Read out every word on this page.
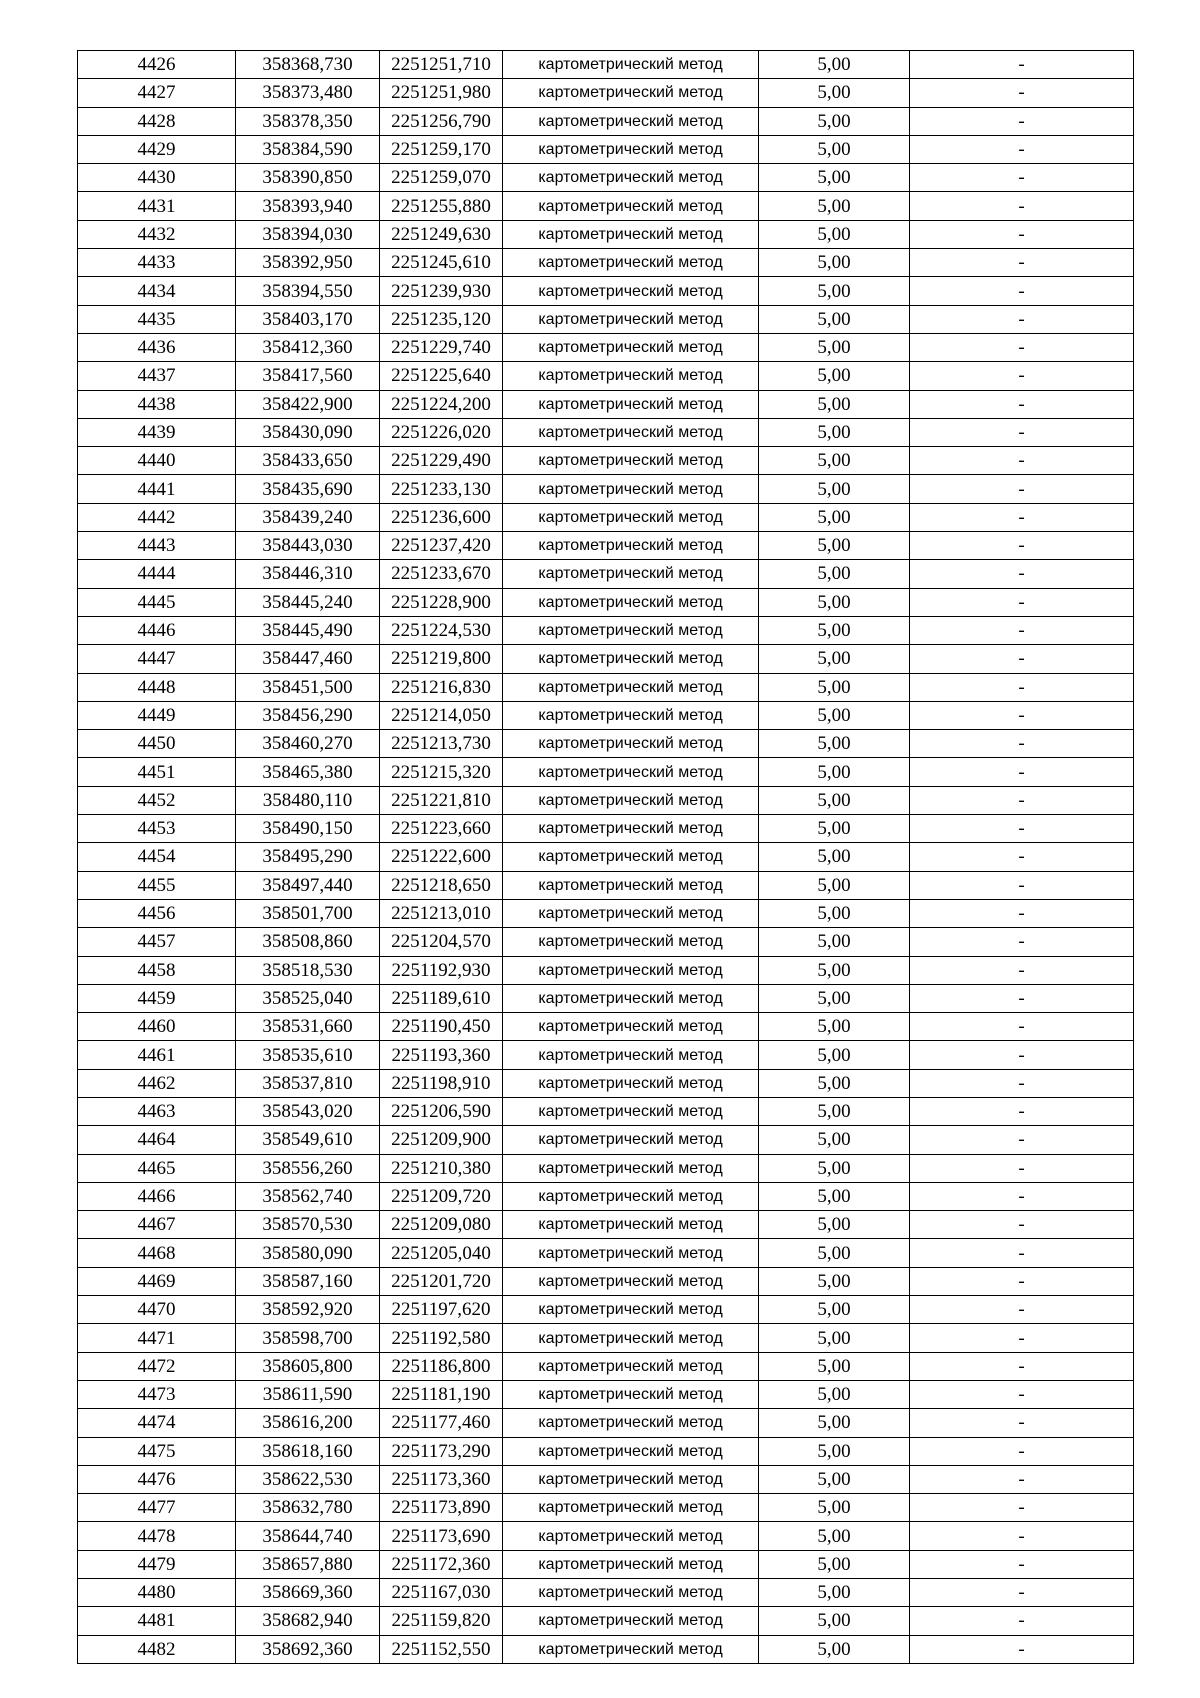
4426	358368,730	2251251,710	картометрический метод	5,00	-
4427	358373,480	2251251,980	картометрический метод	5,00	-
4428	358378,350	2251256,790	картометрический метод	5,00	-
4429	358384,590	2251259,170	картометрический метод	5,00	-
4430	358390,850	2251259,070	картометрический метод	5,00	-
4431	358393,940	2251255,880	картометрический метод	5,00	-
4432	358394,030	2251249,630	картометрический метод	5,00	-
4433	358392,950	2251245,610	картометрический метод	5,00	-
4434	358394,550	2251239,930	картометрический метод	5,00	-
4435	358403,170	2251235,120	картометрический метод	5,00	-
4436	358412,360	2251229,740	картометрический метод	5,00	-
4437	358417,560	2251225,640	картометрический метод	5,00	-
4438	358422,900	2251224,200	картометрический метод	5,00	-
4439	358430,090	2251226,020	картометрический метод	5,00	-
4440	358433,650	2251229,490	картометрический метод	5,00	-
4441	358435,690	2251233,130	картометрический метод	5,00	-
4442	358439,240	2251236,600	картометрический метод	5,00	-
4443	358443,030	2251237,420	картометрический метод	5,00	-
4444	358446,310	2251233,670	картометрический метод	5,00	-
4445	358445,240	2251228,900	картометрический метод	5,00	-
4446	358445,490	2251224,530	картометрический метод	5,00	-
4447	358447,460	2251219,800	картометрический метод	5,00	-
4448	358451,500	2251216,830	картометрический метод	5,00	-
4449	358456,290	2251214,050	картометрический метод	5,00	-
4450	358460,270	2251213,730	картометрический метод	5,00	-
4451	358465,380	2251215,320	картометрический метод	5,00	-
4452	358480,110	2251221,810	картометрический метод	5,00	-
4453	358490,150	2251223,660	картометрический метод	5,00	-
4454	358495,290	2251222,600	картометрический метод	5,00	-
4455	358497,440	2251218,650	картометрический метод	5,00	-
4456	358501,700	2251213,010	картометрический метод	5,00	-
4457	358508,860	2251204,570	картометрический метод	5,00	-
4458	358518,530	2251192,930	картометрический метод	5,00	-
4459	358525,040	2251189,610	картометрический метод	5,00	-
4460	358531,660	2251190,450	картометрический метод	5,00	-
4461	358535,610	2251193,360	картометрический метод	5,00	-
4462	358537,810	2251198,910	картометрический метод	5,00	-
4463	358543,020	2251206,590	картометрический метод	5,00	-
4464	358549,610	2251209,900	картометрический метод	5,00	-
4465	358556,260	2251210,380	картометрический метод	5,00	-
4466	358562,740	2251209,720	картометрический метод	5,00	-
4467	358570,530	2251209,080	картометрический метод	5,00	-
4468	358580,090	2251205,040	картометрический метод	5,00	-
4469	358587,160	2251201,720	картометрический метод	5,00	-
4470	358592,920	2251197,620	картометрический метод	5,00	-
4471	358598,700	2251192,580	картометрический метод	5,00	-
4472	358605,800	2251186,800	картометрический метод	5,00	-
4473	358611,590	2251181,190	картометрический метод	5,00	-
4474	358616,200	2251177,460	картометрический метод	5,00	-
4475	358618,160	2251173,290	картометрический метод	5,00	-
4476	358622,530	2251173,360	картометрический метод	5,00	-
4477	358632,780	2251173,890	картометрический метод	5,00	-
4478	358644,740	2251173,690	картометрический метод	5,00	-
4479	358657,880	2251172,360	картометрический метод	5,00	-
4480	358669,360	2251167,030	картометрический метод	5,00	-
4481	358682,940	2251159,820	картометрический метод	5,00	-
4482	358692,360	2251152,550	картометрический метод	5,00	-
